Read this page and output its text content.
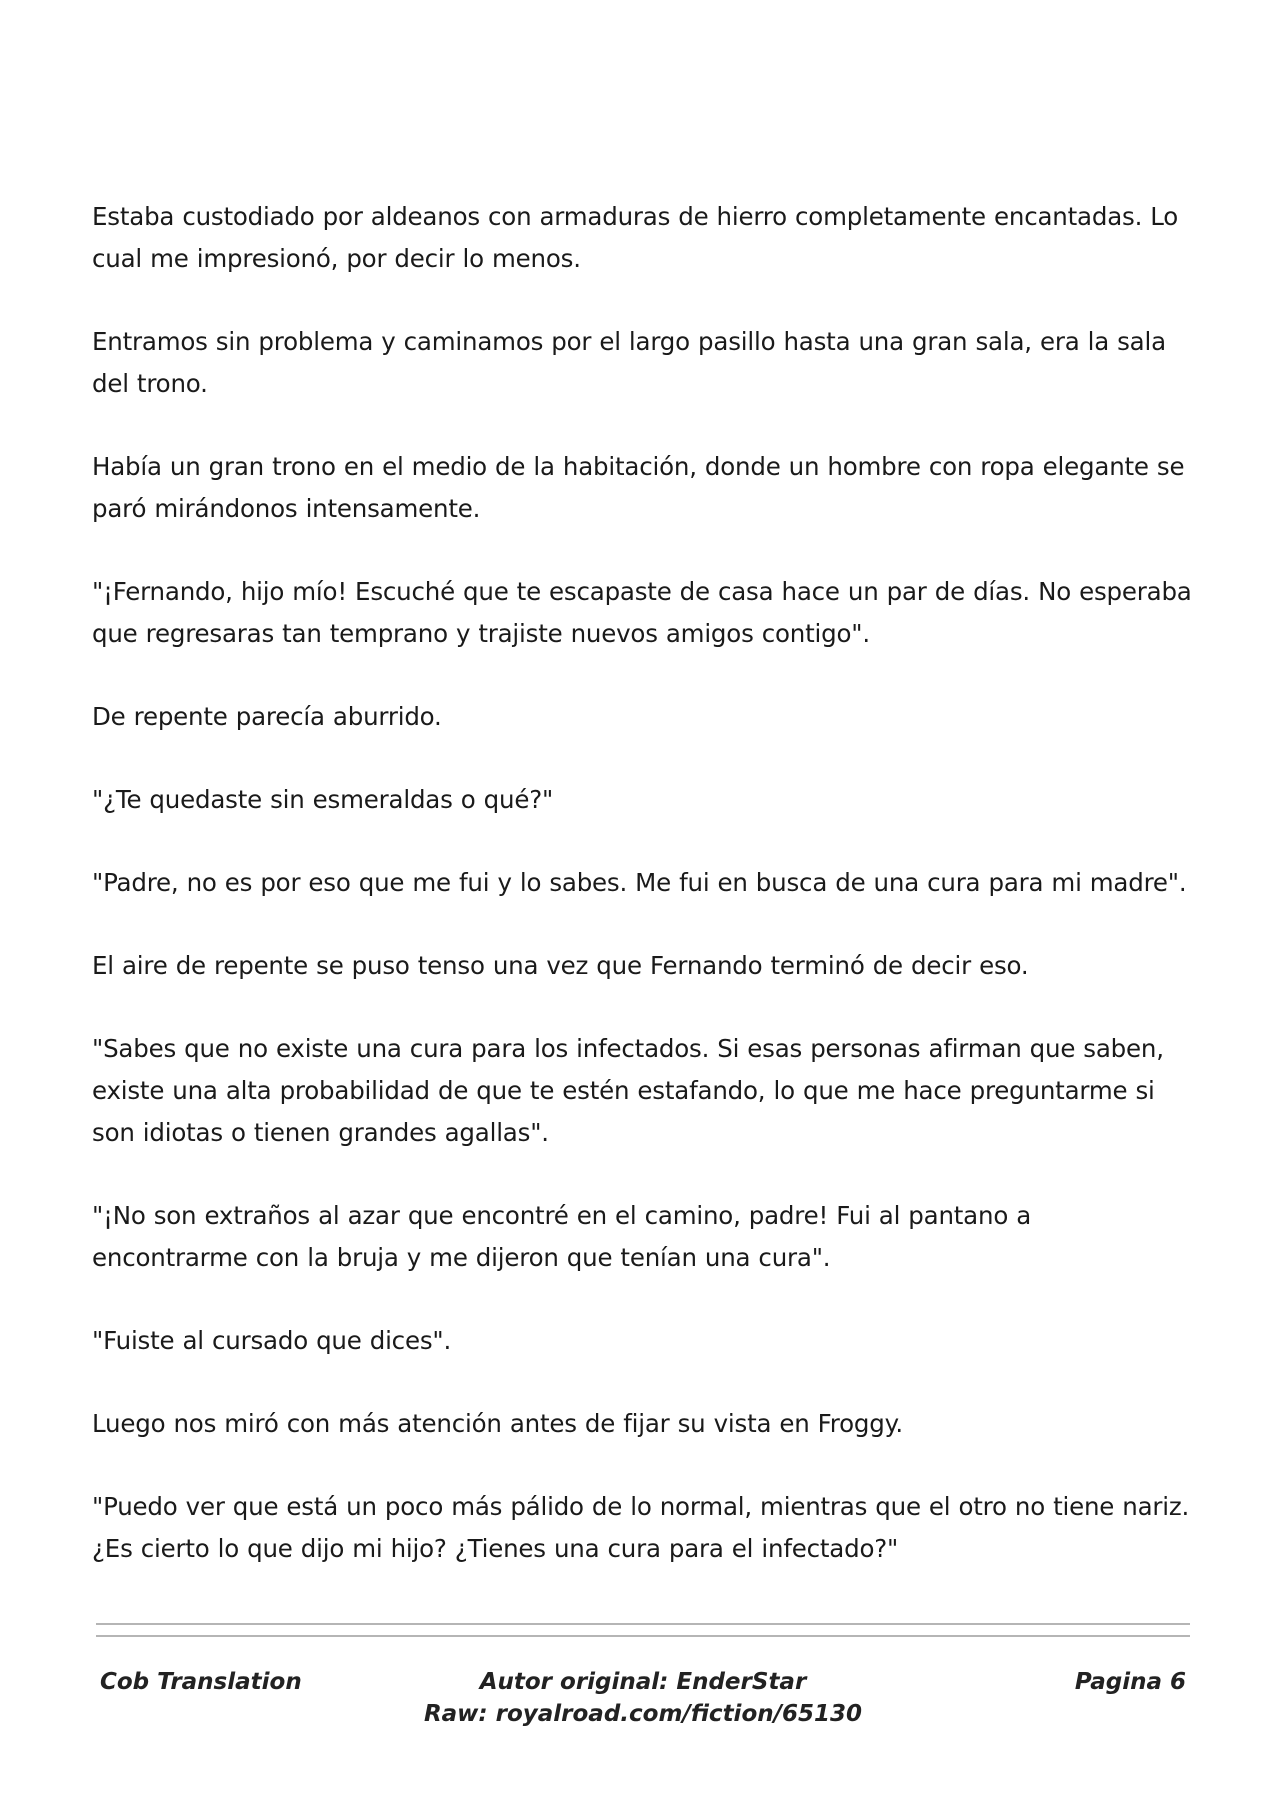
Estaba custodiado por aldeanos con armaduras de hierro completamente encantadas. Lo cual me impresionó, por decir lo menos.

Entramos sin problema y caminamos por el largo pasillo hasta una gran sala, era la sala del trono.

Había un gran trono en el medio de la habitación, donde un hombre con ropa elegante se paró mirándonos intensamente.

"¡Fernando, hijo mío! Escuché que te escapaste de casa hace un par de días. No esperaba que regresaras tan temprano y trajiste nuevos amigos contigo".

De repente parecía aburrido.

"¿Te quedaste sin esmeraldas o qué?"

"Padre, no es por eso que me fui y lo sabes. Me fui en busca de una cura para mi madre".

El aire de repente se puso tenso una vez que Fernando terminó de decir eso.

"Sabes que no existe una cura para los infectados. Si esas personas afirman que saben, existe una alta probabilidad de que te estén estafando, lo que me hace preguntarme si son idiotas o tienen grandes agallas".

"¡No son extraños al azar que encontré en el camino, padre! Fui al pantano a encontrarme con la bruja y me dijeron que tenían una cura".

"Fuiste al cursado que dices".

Luego nos miró con más atención antes de fijar su vista en Froggy.

"Puedo ver que está un poco más pálido de lo normal, mientras que el otro no tiene nariz. ¿Es cierto lo que dijo mi hijo? ¿Tienes una cura para el infectado?"

Cob Translation	Autor original: EnderStar
Raw: royalroad.com/fiction/65130
Pagina 6
